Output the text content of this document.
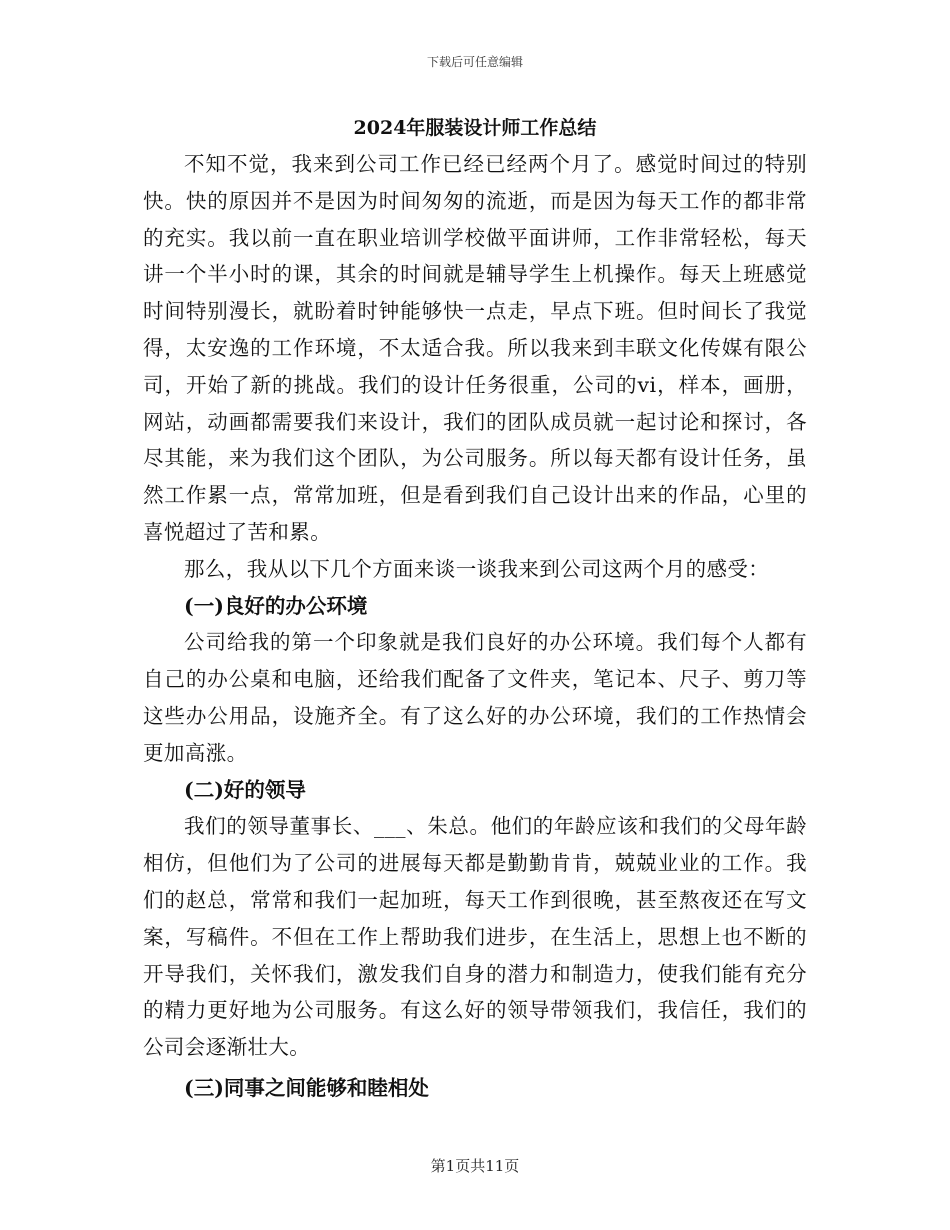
下载后可任意编辑
2024年服装设计师工作总结

不知不觉，我来到公司工作已经已经两个月了。感觉时间过的特别快。快的原因并不是因为时间匆匆的流逝，而是因为每天工作的都非常的充实。我以前一直在职业培训学校做平面讲师，工作非常轻松，每天讲一个半小时的课，其余的时间就是辅导学生上机操作。每天上班感觉时间特别漫长，就盼着时钟能够快一点走，早点下班。但时间长了我觉得，太安逸的工作环境，不太适合我。所以我来到丰联文化传媒有限公司，开始了新的挑战。我们的设计任务很重，公司的vi，样本，画册，网站，动画都需要我们来设计，我们的团队成员就一起讨论和探讨，各尽其能，来为我们这个团队，为公司服务。所以每天都有设计任务，虽然工作累一点，常常加班，但是看到我们自己设计出来的作品，心里的喜悦超过了苦和累。

那么，我从以下几个方面来谈一谈我来到公司这两个月的感受：

(一)良好的办公环境

公司给我的第一个印象就是我们良好的办公环境。我们每个人都有自己的办公桌和电脑，还给我们配备了文件夹，笔记本、尺子、剪刀等这些办公用品，设施齐全。有了这么好的办公环境，我们的工作热情会更加高涨。

(二)好的领导

我们的领导董事长、___、朱总。他们的年龄应该和我们的父母年龄相仿，但他们为了公司的进展每天都是勤勤肯肯，兢兢业业的工作。我们的赵总，常常和我们一起加班，每天工作到很晚，甚至熬夜还在写文案，写稿件。不但在工作上帮助我们进步，在生活上，思想上也不断的开导我们，关怀我们，激发我们自身的潜力和制造力，使我们能有充分的精力更好地为公司服务。有这么好的领导带领我们，我信任，我们的公司会逐渐壮大。

(三)同事之间能够和睦相处

第1页共11页
